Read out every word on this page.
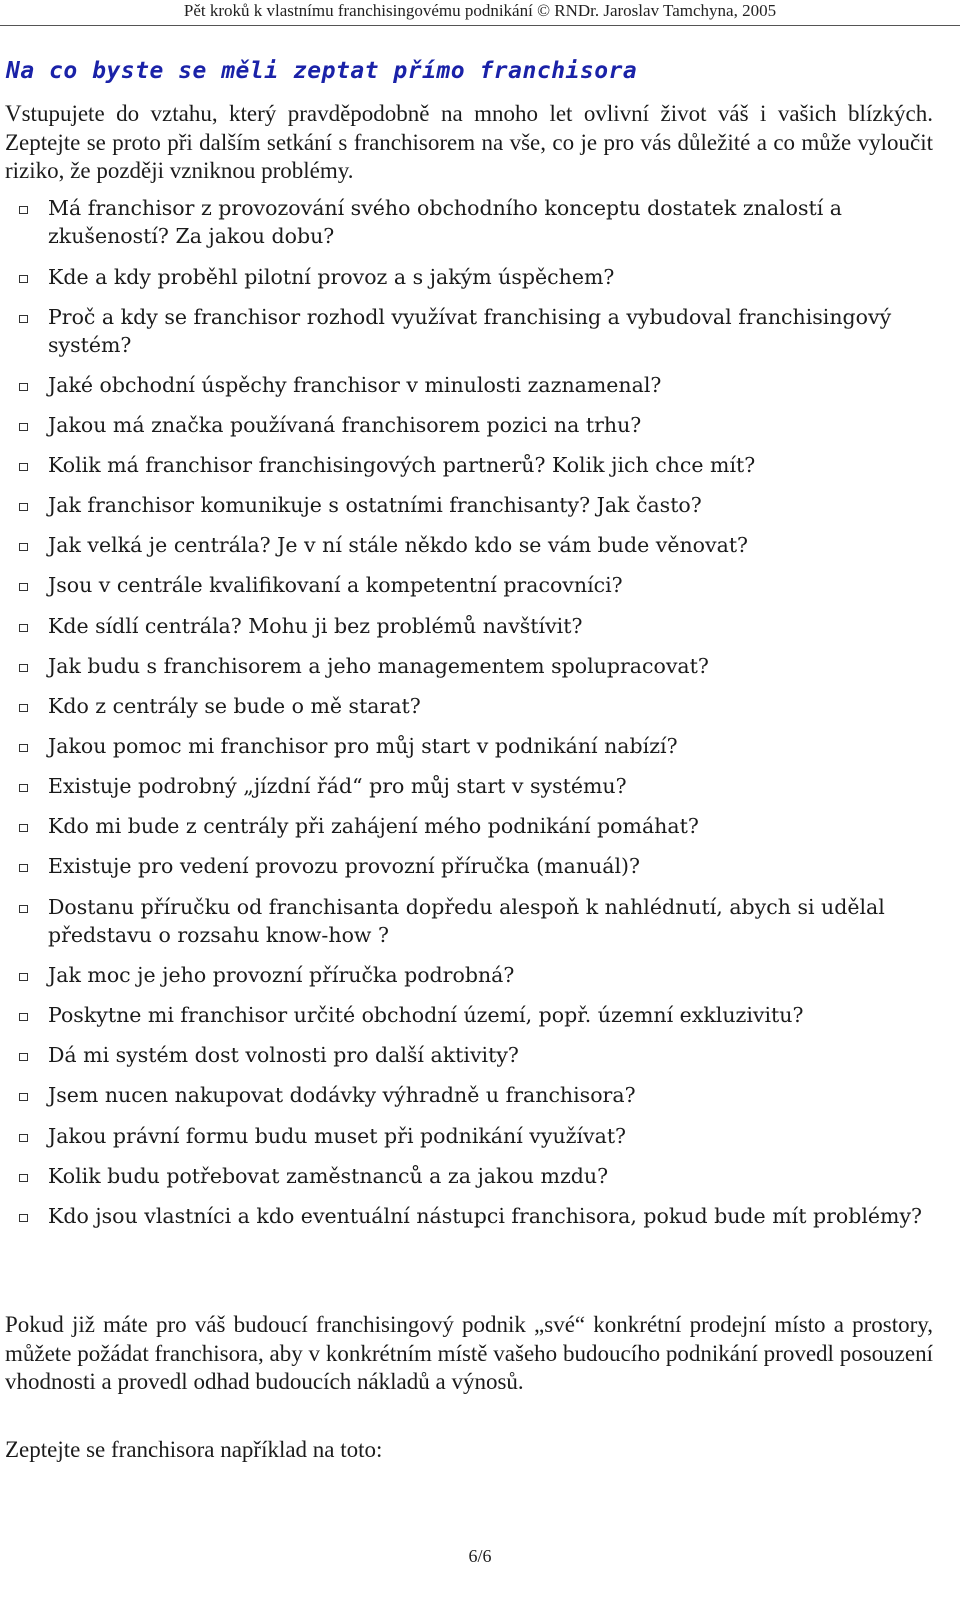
Pět kroků k vlastnímu franchisingovému podnikání © RNDr. Jaroslav Tamchyna, 2005
Na co byste se měli zeptat přímo franchisora

Vstupujete do vztahu, který pravděpodobně na mnoho let ovlivní život váš i vašich blízkých. Zeptejte se proto při dalším setkání s franchisorem na vše, co je pro vás důležité a co může vyloučit riziko, že později vzniknou problémy.

Má franchisor z provozování svého obchodního konceptu dostatek znalostí a zkušeností? Za jakou dobu?
Kde a kdy proběhl pilotní provoz a s jakým úspěchem?
Proč a kdy se franchisor rozhodl využívat franchising a vybudoval franchisingový systém?
Jaké obchodní úspěchy franchisor v minulosti zaznamenal?
Jakou má značka používaná franchisorem pozici na trhu?
Kolik má franchisor franchisingových partnerů? Kolik jich chce mít?
Jak franchisor komunikuje s ostatními franchisanty? Jak často?
Jak velká je centrála? Je v ní stále někdo kdo se vám bude věnovat?
Jsou v centrále kvalifikovaní a kompetentní pracovníci?
Kde sídlí centrála? Mohu ji bez problémů navštívit?
Jak budu s franchisorem a jeho managementem spolupracovat?
Kdo z centrály se bude o mě starat?
Jakou pomoc mi franchisor pro můj start v podnikání nabízí?
Existuje podrobný „jízdní řád“ pro můj start v systému?
Kdo mi bude z centrály při zahájení mého podnikání pomáhat?
Existuje pro vedení provozu provozní příručka (manuál)?
Dostanu příručku od franchisanta dopředu alespoň k nahlédnutí, abych si udělal představu o rozsahu know-how ?
Jak moc je jeho provozní příručka podrobná?
Poskytne mi franchisor určité obchodní území, popř. územní exkluzivitu?
Dá mi systém dost volnosti pro další aktivity?
Jsem nucen nakupovat dodávky výhradně u franchisora?
Jakou právní formu budu muset při podnikání využívat?
Kolik budu potřebovat zaměstnanců a za jakou mzdu?
Kdo jsou vlastníci a kdo eventuální nástupci franchisora, pokud bude mít problémy?

Pokud již máte pro váš budoucí franchisingový podnik „své“ konkrétní prodejní místo a prostory, můžete požádat franchisora, aby v konkrétním místě vašeho budoucího podnikání provedl posouzení vhodnosti a provedl odhad budoucích nákladů a výnosů.

Zeptejte se franchisora například na toto:

6/6
